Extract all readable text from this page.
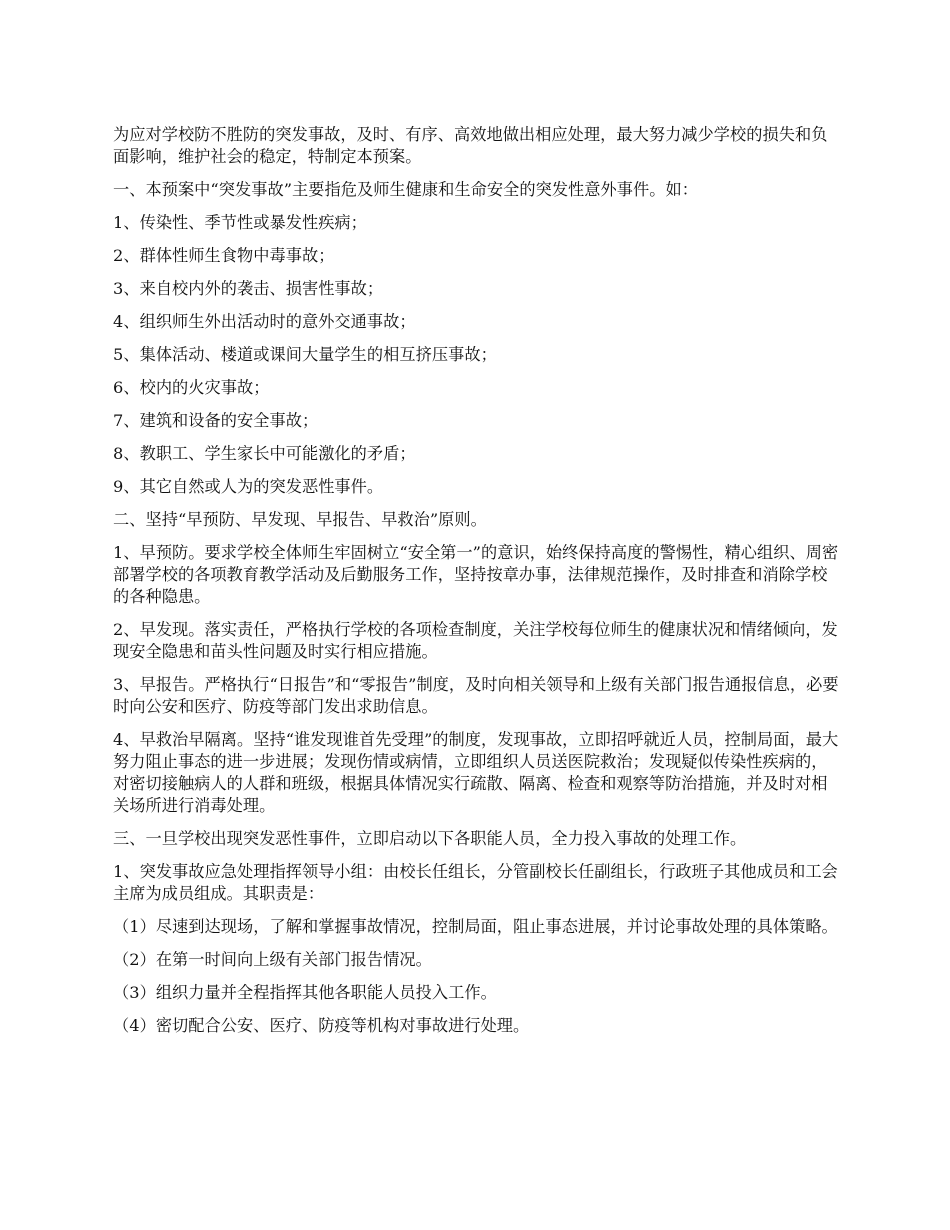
为应对学校防不胜防的突发事故，及时、有序、高效地做出相应处理，最大努力减少学校的损失和负面影响，维护社会的稳定，特制定本预案。

一、本预案中“突发事故”主要指危及师生健康和生命安全的突发性意外事件。如：

1、传染性、季节性或暴发性疾病；

2、群体性师生食物中毒事故；

3、来自校内外的袭击、损害性事故；

4、组织师生外出活动时的意外交通事故；

5、集体活动、楼道或课间大量学生的相互挤压事故；

6、校内的火灾事故；

7、建筑和设备的安全事故；

8、教职工、学生家长中可能激化的矛盾；

9、其它自然或人为的突发恶性事件。

二、坚持“早预防、早发现、早报告、早救治”原则。

1、早预防。要求学校全体师生牢固树立“安全第一”的意识，始终保持高度的警惕性，精心组织、周密部署学校的各项教育教学活动及后勤服务工作，坚持按章办事，法律规范操作，及时排查和消除学校的各种隐患。

2、早发现。落实责任，严格执行学校的各项检查制度，关注学校每位师生的健康状况和情绪倾向，发现安全隐患和苗头性问题及时实行相应措施。

3、早报告。严格执行“日报告”和“零报告”制度，及时向相关领导和上级有关部门报告通报信息，必要时向公安和医疗、防疫等部门发出求助信息。

4、早救治早隔离。坚持“谁发现谁首先受理”的制度，发现事故，立即招呼就近人员，控制局面，最大努力阻止事态的进一步进展；发现伤情或病情，立即组织人员送医院救治；发现疑似传染性疾病的，对密切接触病人的人群和班级，根据具体情况实行疏散、隔离、检查和观察等防治措施，并及时对相关场所进行消毒处理。

三、一旦学校出现突发恶性事件，立即启动以下各职能人员，全力投入事故的处理工作。

1、突发事故应急处理指挥领导小组：由校长任组长，分管副校长任副组长，行政班子其他成员和工会主席为成员组成。其职责是：

（1）尽速到达现场，了解和掌握事故情况，控制局面，阻止事态进展，并讨论事故处理的具体策略。

（2）在第一时间向上级有关部门报告情况。

（3）组织力量并全程指挥其他各职能人员投入工作。

（4）密切配合公安、医疗、防疫等机构对事故进行处理。
